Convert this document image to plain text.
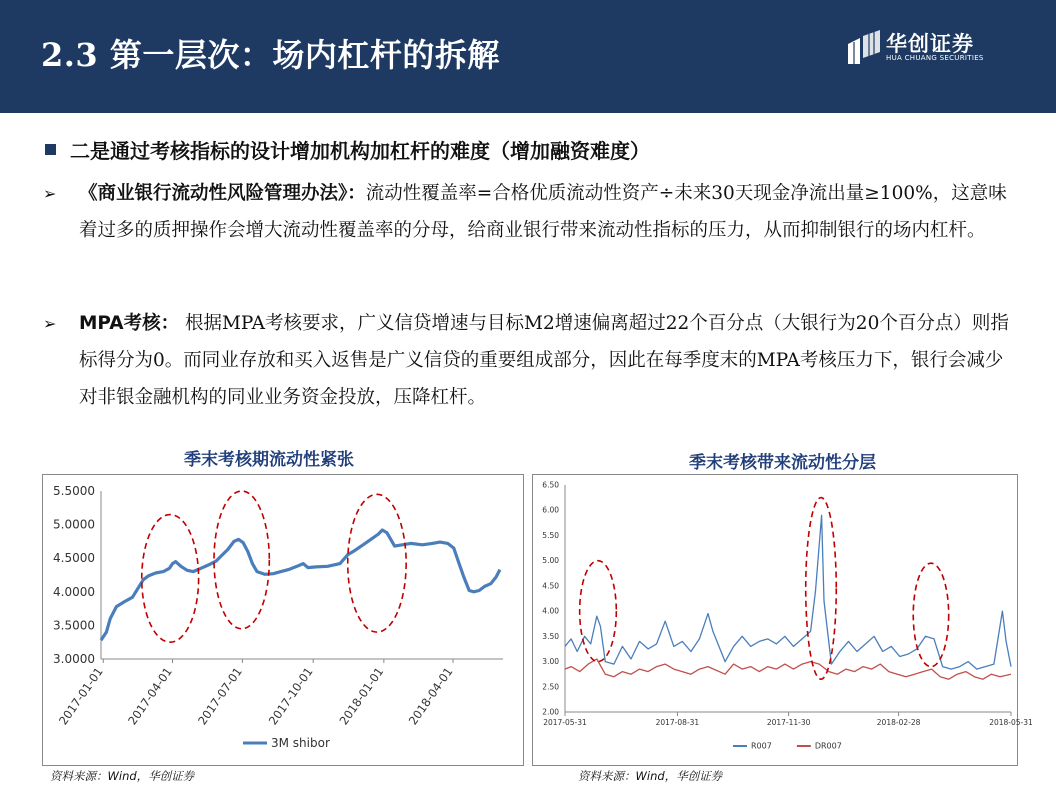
2.3 第一层次：场内杠杆的拆解	华创证券
HUA CHUANG SECURITIES
二是通过考核指标的设计增加机构加杠杆的难度（增加融资难度）
➢ 《商业银行流动性风险管理办法》：流动性覆盖率=合格优质流动性资产÷未来30天现金净流出量≥100%，这意味着过多的质押操作会增大流动性覆盖率的分母，给商业银行带来流动性指标的压力，从而抑制银行的场内杠杆。
➢ MPA考核： 根据MPA考核要求，广义信贷增速与目标M2增速偏离超过22个百分点（大银行为20个百分点）则指标得分为0。而同业存放和买入返售是广义信贷的重要组成部分，因此在每季度末的MPA考核压力下，银行会减少对非银金融机构的同业业务资金投放，压降杠杆。
季末考核期流动性紧张
3.0000
3.5000
4.0000
4.5000
5.0000
5.5000
2017-01-01 2017-04-01 2017-07-01 2017-10-01 2018-01-01 2018-04-01
3M shibor
资料来源：Wind，华创证券
季末考核带来流动性分层
2.00
2.50
3.00
3.50
4.00
4.50
5.00
5.50
6.00
6.50
2017-05-31	2017-08-31	2017-11-30	2018-02-28	2018-05-31
R007	DR007
资料来源：Wind，华创证券
